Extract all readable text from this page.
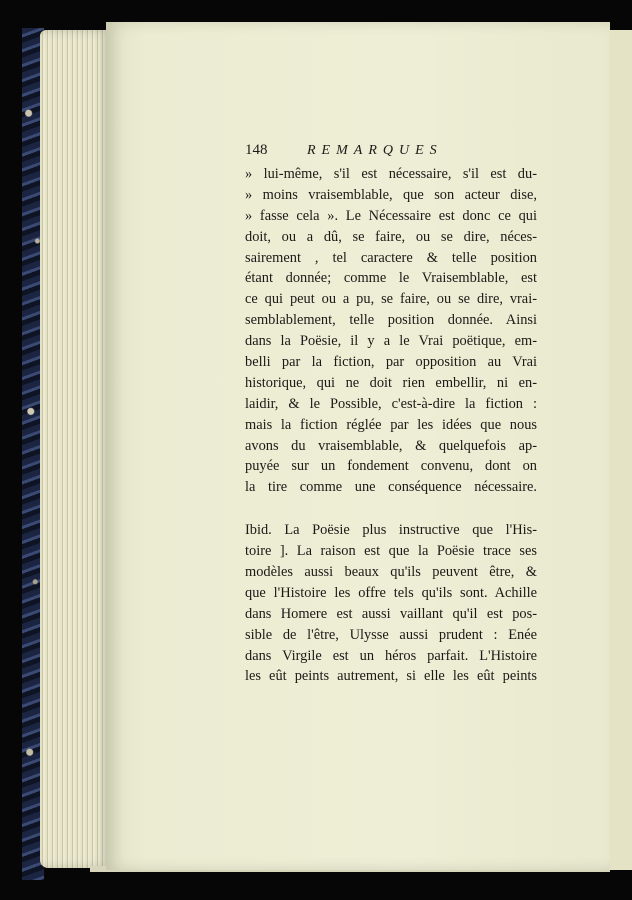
148	REMARQUES
» lui-même, s'il est nécessaire, s'il est du-
» moins vraisemblable, que son acteur dise,
» fasse cela ». Le Nécessaire est donc ce qui
doit, ou a dû, se faire, ou se dire, néces-
sairement , tel caractere & telle position
étant donnée; comme le Vraisemblable, est
ce qui peut ou a pu, se faire, ou se dire, vrai-
semblablement, telle position donnée. Ainsi
dans la Poësie, il y a le Vrai poëtique, em-
belli par la fiction, par opposition au Vrai
historique, qui ne doit rien embellir, ni en-
laidir, & le Possible, c'est-à-dire la fiction :
mais la fiction réglée par les idées que nous
avons du vraisemblable, & quelquefois ap-
puyée sur un fondement convenu, dont on
la tire comme une conséquence nécessaire.
Ibid. La Poësie plus instructive que l'His-
toire ]. La raison est que la Poësie trace ses
modèles aussi beaux qu'ils peuvent être, &
que l'Histoire les offre tels qu'ils sont. Achille
dans Homere est aussi vaillant qu'il est pos-
sible de l'être, Ulysse aussi prudent : Enée
dans Virgile est un héros parfait. L'Histoire
les eût peints autrement, si elle les eût peints
